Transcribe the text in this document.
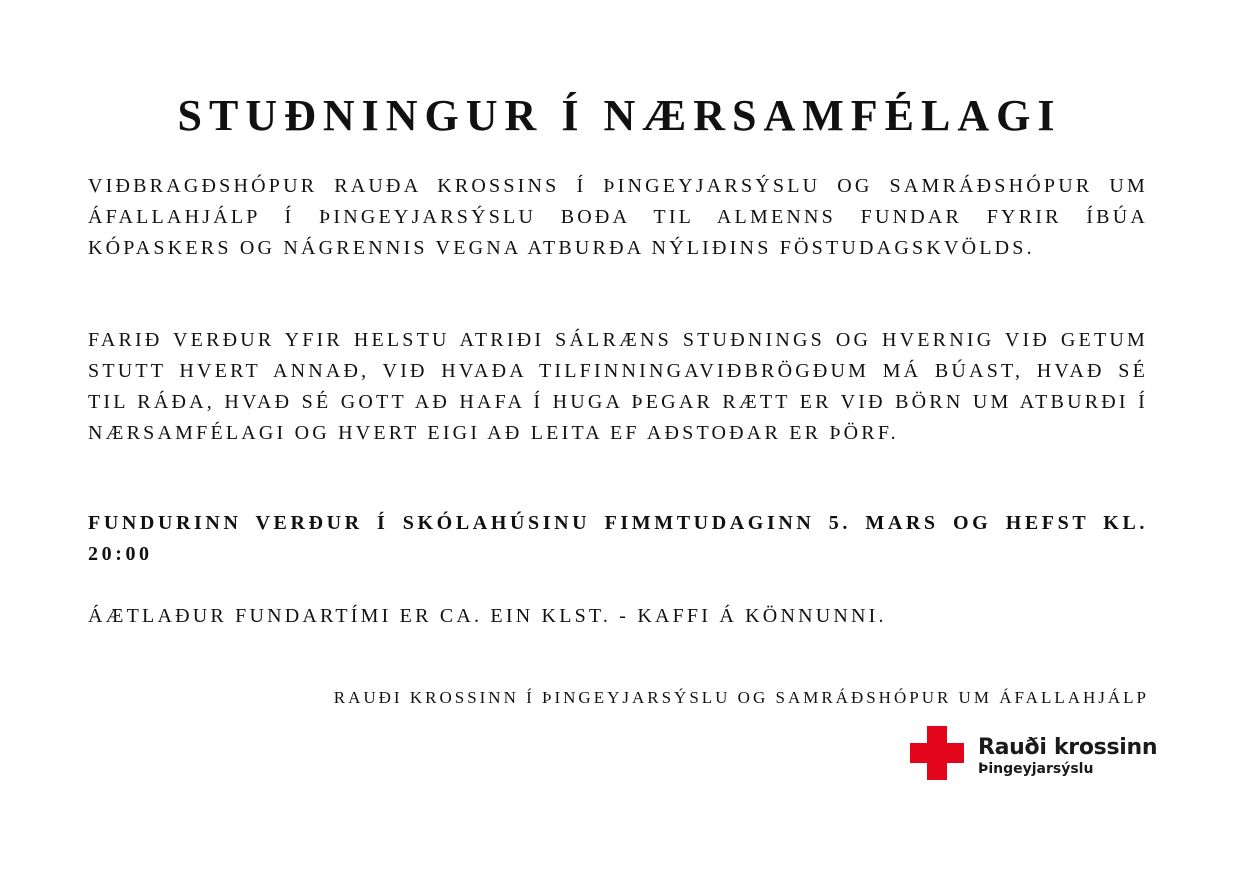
STUÐNINGUR Í NÆRSAMFÉLAGI

VIÐBRAGÐSHÓPUR RAUÐA KROSSINS Í ÞINGEYJARSÝSLU OG SAMRÁÐSHÓPUR UM ÁFALLAHJÁLP Í ÞINGEYJARSÝSLU BOÐA TIL ALMENNS FUNDAR FYRIR ÍBÚA KÓPASKERS OG NÁGRENNIS VEGNA ATBURÐA NÝLIÐINS FÖSTUDAGSKVÖLDS.

FARIÐ VERÐUR YFIR HELSTU ATRIÐI SÁLRÆNS STUÐNINGS OG HVERNIG VIÐ GETUM STUTT HVERT ANNAÐ, VIÐ HVAÐA TILFINNINGAVIÐBRÖGÐUM MÁ BÚAST, HVAÐ SÉ TIL RÁÐA, HVAÐ SÉ GOTT AÐ HAFA Í HUGA ÞEGAR RÆTT ER VIÐ BÖRN UM ATBURÐI Í NÆRSAMFÉLAGI OG HVERT EIGI AÐ LEITA EF AÐSTOÐAR ER ÞÖRF.

FUNDURINN VERÐUR Í SKÓLAHÚSINU FIMMTUDAGINN 5. MARS OG HEFST KL. 20:00

ÁÆTLAÐUR FUNDARTÍMI ER CA. EIN KLST. - KAFFI Á KÖNNUNNI.

RAUÐI KROSSINN Í ÞINGEYJARSÝSLU OG SAMRÁÐSHÓPUR UM ÁFALLAHJÁLP

Rauði krossinn
Þingeyjarsýslu
